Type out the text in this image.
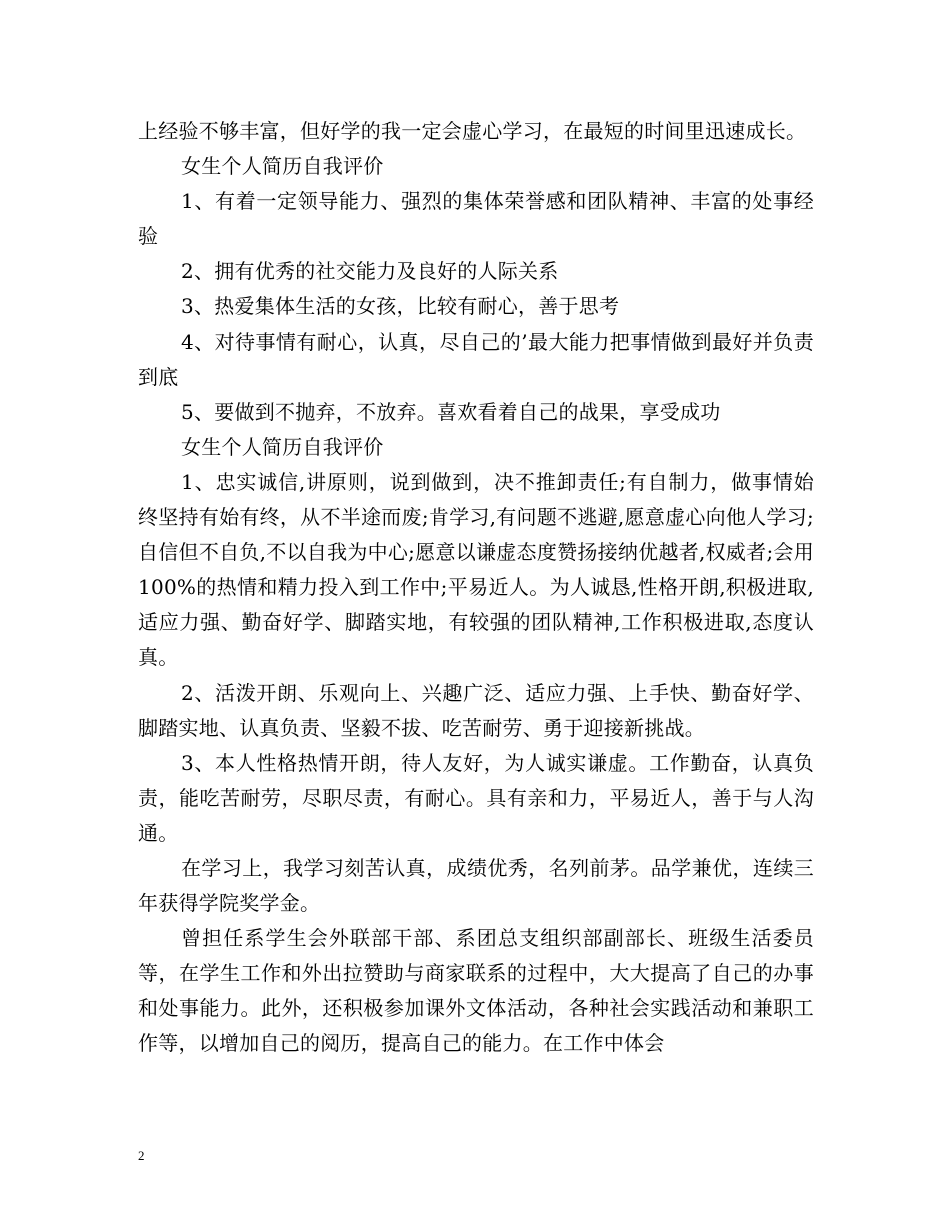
上经验不够丰富，但好学的我一定会虚心学习，在最短的时间里迅速成长。

女生个人简历自我评价

1、有着一定领导能力、强烈的集体荣誉感和团队精神、丰富的处事经验

2、拥有优秀的社交能力及良好的人际关系

3、热爱集体生活的女孩，比较有耐心，善于思考

4、对待事情有耐心，认真，尽自己的’最大能力把事情做到最好并负责到底

5、要做到不抛弃，不放弃。喜欢看着自己的战果，享受成功

女生个人简历自我评价

1、忠实诚信,讲原则，说到做到，决不推卸责任;有自制力，做事情始终坚持有始有终，从不半途而废;肯学习,有问题不逃避,愿意虚心向他人学习;自信但不自负,不以自我为中心;愿意以谦虚态度赞扬接纳优越者,权威者;会用100%的热情和精力投入到工作中;平易近人。为人诚恳,性格开朗,积极进取,适应力强、勤奋好学、脚踏实地，有较强的团队精神,工作积极进取,态度认真。

2、活泼开朗、乐观向上、兴趣广泛、适应力强、上手快、勤奋好学、脚踏实地、认真负责、坚毅不拔、吃苦耐劳、勇于迎接新挑战。

3、本人性格热情开朗，待人友好，为人诚实谦虚。工作勤奋，认真负责，能吃苦耐劳，尽职尽责，有耐心。具有亲和力，平易近人，善于与人沟通。

在学习上，我学习刻苦认真，成绩优秀，名列前茅。品学兼优，连续三年获得学院奖学金。

曾担任系学生会外联部干部、系团总支组织部副部长、班级生活委员等，在学生工作和外出拉赞助与商家联系的过程中，大大提高了自己的办事和处事能力。此外，还积极参加课外文体活动，各种社会实践活动和兼职工作等，以增加自己的阅历，提高自己的能力。在工作中体会

2
